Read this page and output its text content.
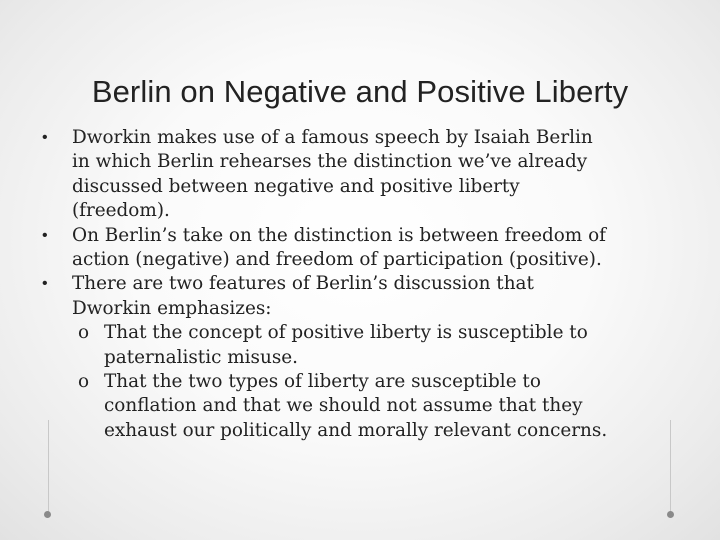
Berlin on Negative and Positive Liberty
• Dworkin makes use of a famous speech by Isaiah Berlin
in which Berlin rehearses the distinction we’ve already
discussed between negative and positive liberty
(freedom).
• On Berlin’s take on the distinction is between freedom of
action (negative) and freedom of participation (positive).
• There are two features of Berlin’s discussion that
Dworkin emphasizes:
o That the concept of positive liberty is susceptible to
paternalistic misuse.
o That the two types of liberty are susceptible to
conflation and that we should not assume that they
exhaust our politically and morally relevant concerns.
